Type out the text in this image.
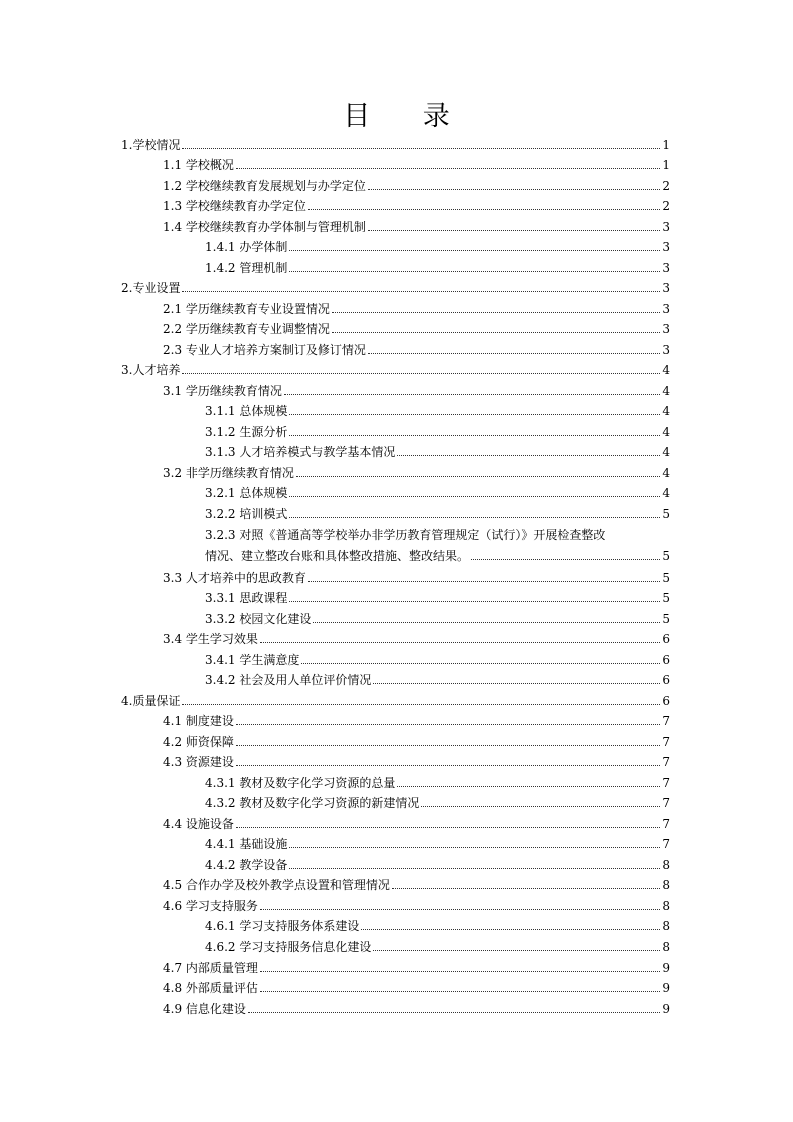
目 录
1.学校情况	1
1.1 学校概况	1
1.2 学校继续教育发展规划与办学定位	2
1.3 学校继续教育办学定位	2
1.4 学校继续教育办学体制与管理机制	3
1.4.1 办学体制	3
1.4.2 管理机制	3
2.专业设置	3
2.1 学历继续教育专业设置情况	3
2.2 学历继续教育专业调整情况	3
2.3 专业人才培养方案制订及修订情况	3
3.人才培养	4
3.1 学历继续教育情况	4
3.1.1 总体规模	4
3.1.2 生源分析	4
3.1.3 人才培养模式与教学基本情况	4
3.2 非学历继续教育情况	4
3.2.1 总体规模	4
3.2.2 培训模式	5
3.2.3 对照《普通高等学校举办非学历教育管理规定（试行）》开展检查整改
情况、建立整改台账和具体整改措施、整改结果。	5
3.3 人才培养中的思政教育	5
3.3.1 思政课程	5
3.3.2 校园文化建设	5
3.4 学生学习效果	6
3.4.1 学生满意度	6
3.4.2 社会及用人单位评价情况	6
4.质量保证	6
4.1 制度建设	7
4.2 师资保障	7
4.3 资源建设	7
4.3.1 教材及数字化学习资源的总量	7
4.3.2 教材及数字化学习资源的新建情况	7
4.4 设施设备	7
4.4.1 基础设施	7
4.4.2 教学设备	8
4.5 合作办学及校外教学点设置和管理情况	8
4.6 学习支持服务	8
4.6.1 学习支持服务体系建设	8
4.6.2 学习支持服务信息化建设	8
4.7 内部质量管理	9
4.8 外部质量评估	9
4.9 信息化建设	9
